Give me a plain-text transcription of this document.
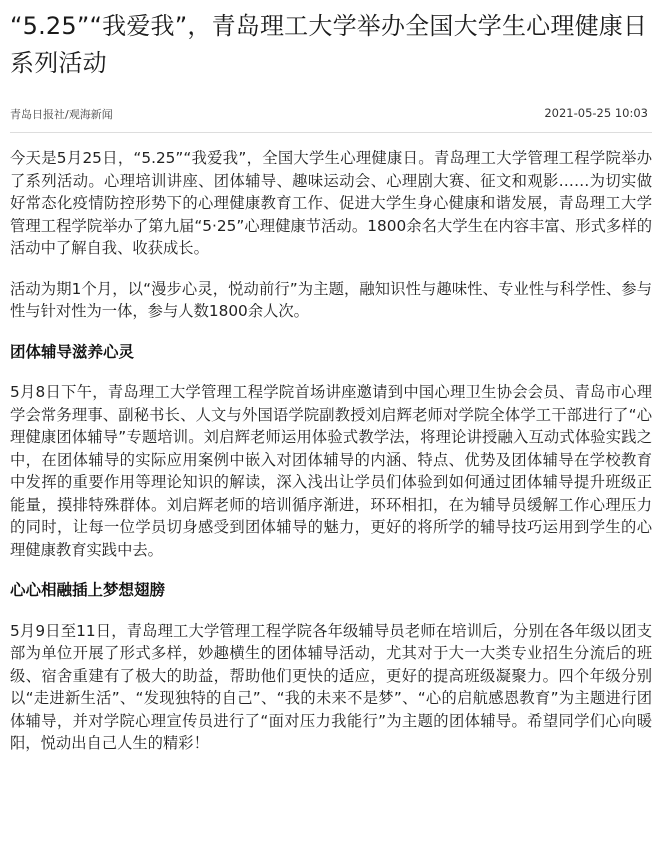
“5.25”“我爱我”，青岛理工大学举办全国大学生心理健康日系列活动
青岛日报社/观海新闻	2021-05-25 10:03

今天是5月25日，“5.25”“我爱我”，全国大学生心理健康日。青岛理工大学管理工程学院举办了系列活动。心理培训讲座、团体辅导、趣味运动会、心理剧大赛、征文和观影……为切实做好常态化疫情防控形势下的心理健康教育工作、促进大学生身心健康和谐发展，青岛理工大学管理工程学院举办了第九届“5·25”心理健康节活动。1800余名大学生在内容丰富、形式多样的活动中了解自我、收获成长。

活动为期1个月，以“漫步心灵，悦动前行”为主题，融知识性与趣味性、专业性与科学性、参与性与针对性为一体，参与人数1800余人次。

团体辅导滋养心灵

5月8日下午，青岛理工大学管理工程学院首场讲座邀请到中国心理卫生协会会员、青岛市心理学会常务理事、副秘书长、人文与外国语学院副教授刘启辉老师对学院全体学工干部进行了“心理健康团体辅导”专题培训。刘启辉老师运用体验式教学法，将理论讲授融入互动式体验实践之中，在团体辅导的实际应用案例中嵌入对团体辅导的内涵、特点、优势及团体辅导在学校教育中发挥的重要作用等理论知识的解读，深入浅出让学员们体验到如何通过团体辅导提升班级正能量，摸排特殊群体。刘启辉老师的培训循序渐进，环环相扣，在为辅导员缓解工作心理压力的同时，让每一位学员切身感受到团体辅导的魅力，更好的将所学的辅导技巧运用到学生的心理健康教育实践中去。

心心相融插上梦想翅膀

5月9日至11日，青岛理工大学管理工程学院各年级辅导员老师在培训后，分别在各年级以团支部为单位开展了形式多样，妙趣横生的团体辅导活动，尤其对于大一大类专业招生分流后的班级、宿舍重建有了极大的助益，帮助他们更快的适应，更好的提高班级凝聚力。四个年级分别以“走进新生活”、“发现独特的自己”、“我的未来不是梦”、“心的启航感恩教育”为主题进行团体辅导，并对学院心理宣传员进行了“面对压力我能行”为主题的团体辅导。希望同学们心向暖阳，悦动出自己人生的精彩！
